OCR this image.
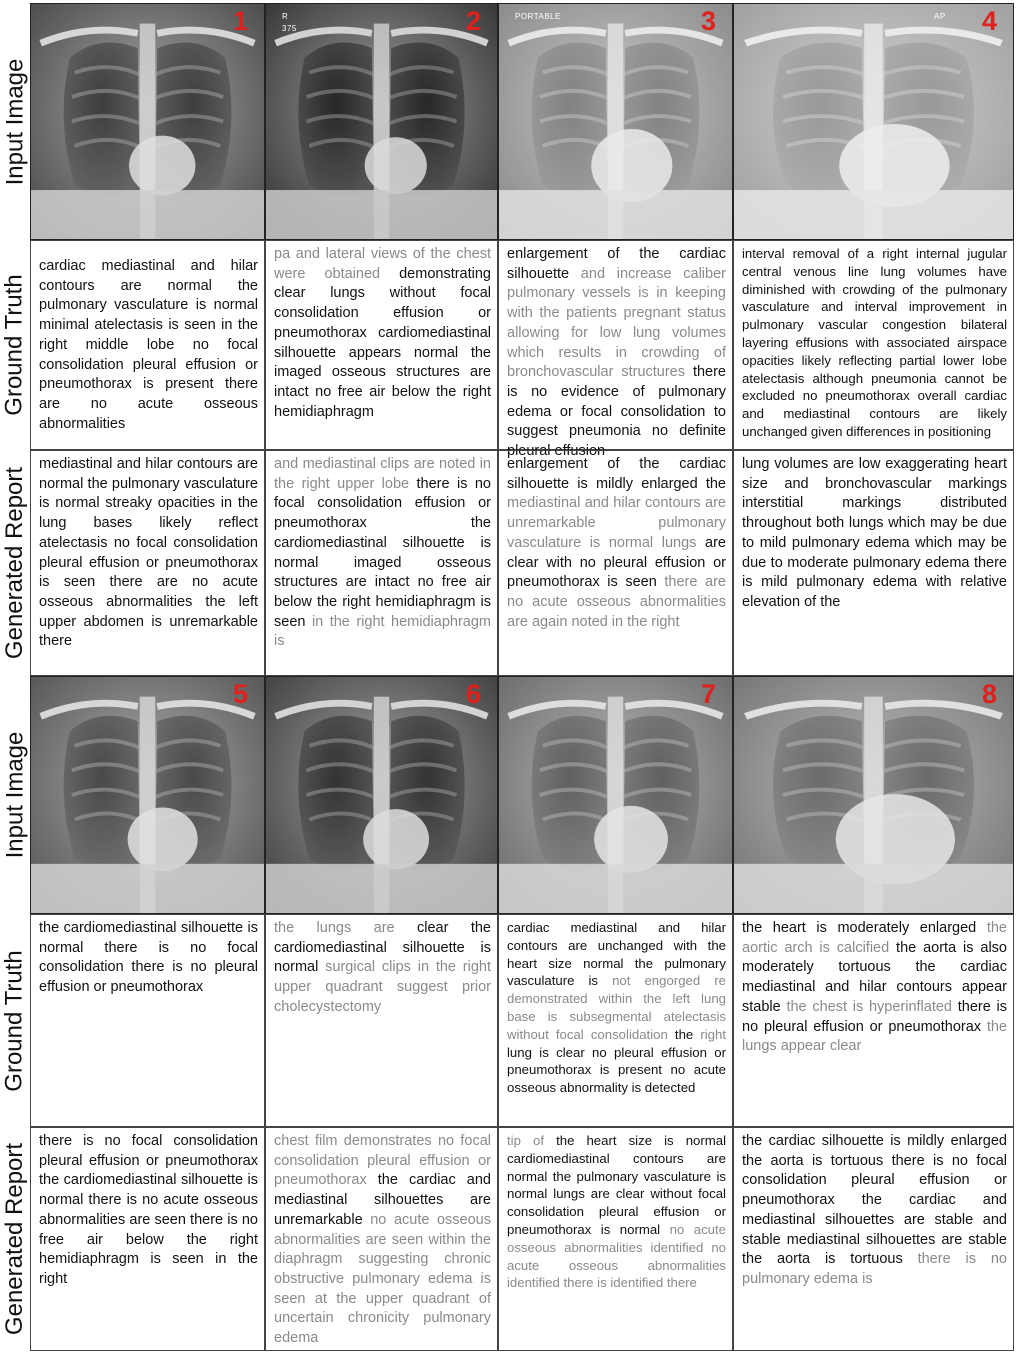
Input Image
Ground Truth
Generated Report
Input Image
Ground Truth
Generated Report
1	2
R
375	3
PORTABLE	4
AP
5	6	7	8
cardiac mediastinal and hilar contours are normal the pulmonary vasculature is normal minimal atelectasis is seen in the right middle lobe no focal consolidation pleural effusion or pneumothorax is present there are no acute osseous abnormalities
pa and lateral views of the chest were obtained demonstrating clear lungs without focal consolidation effusion or pneumothorax cardiomediastinal silhouette appears normal the imaged osseous structures are intact no free air below the right hemidiaphragm
enlargement of the cardiac silhouette and increase caliber pulmonary vessels is in keeping with the patients pregnant status allowing for low lung volumes which results in crowding of bronchovascular structures there is no evidence of pulmonary edema or focal consolidation to suggest pneumonia no definite pleural effusion
interval removal of a right internal jugular central venous line lung volumes have diminished with crowding of the pulmonary vasculature and interval improvement in pulmonary vascular congestion bilateral layering effusions with associated airspace opacities likely reflecting partial lower lobe atelectasis although pneumonia cannot be excluded no pneumothorax overall cardiac and mediastinal contours are likely unchanged given differences in positioning
the cardiomediastinal silhouette is normal there is no focal consolidation there is no pleural effusion or pneumothorax
the lungs are clear the cardiomediastinal silhouette is normal surgical clips in the right upper quadrant suggest prior cholecystectomy
cardiac mediastinal and hilar contours are unchanged with the heart size normal the pulmonary vasculature is not engorged re demonstrated within the left lung base is subsegmental atelectasis without focal consolidation the right lung is clear no pleural effusion or pneumothorax is present no acute osseous abnormality is detected
the heart is moderately enlarged the aortic arch is calcified the aorta is also moderately tortuous the cardiac mediastinal and hilar contours appear stable the chest is hyperinflated there is no pleural effusion or pneumothorax the lungs appear clear
mediastinal and hilar contours are normal the pulmonary vasculature is normal streaky opacities in the lung bases likely reflect atelectasis no focal consolidation pleural effusion or pneumothorax is seen there are no acute osseous abnormalities the left upper abdomen is unremarkable there
and mediastinal clips are noted in the right upper lobe there is no focal consolidation effusion or pneumothorax the cardiomediastinal silhouette is normal imaged osseous structures are intact no free air below the right hemidiaphragm is seen in the right hemidiaphragm is
enlargement of the cardiac silhouette is mildly enlarged the mediastinal and hilar contours are unremarkable pulmonary vasculature is normal lungs are clear with no pleural effusion or pneumothorax is seen there are no acute osseous abnormalities are again noted in the right
lung volumes are low exaggerating heart size and bronchovascular markings interstitial markings distributed throughout both lungs which may be due to mild pulmonary edema which may be due to moderate pulmonary edema there is mild pulmonary edema with relative elevation of the
there is no focal consolidation pleural effusion or pneumothorax the cardiomediastinal silhouette is normal there is no acute osseous abnormalities are seen there is no free air below the right hemidiaphragm is seen in the right
chest film demonstrates no focal consolidation pleural effusion or pneumothorax the cardiac and mediastinal silhouettes are unremarkable no acute osseous abnormalities are seen within the diaphragm suggesting chronic obstructive pulmonary edema is seen at the upper quadrant of uncertain chronicity pulmonary edema
tip of the heart size is normal cardiomediastinal contours are normal the pulmonary vasculature is normal lungs are clear without focal consolidation pleural effusion or pneumothorax is normal no acute osseous abnormalities identified no acute osseous abnormalities identified there is identified there
the cardiac silhouette is mildly enlarged the aorta is tortuous there is no focal consolidation pleural effusion or pneumothorax the cardiac and mediastinal silhouettes are stable and stable mediastinal silhouettes are stable the aorta is tortuous there is no pulmonary edema is
